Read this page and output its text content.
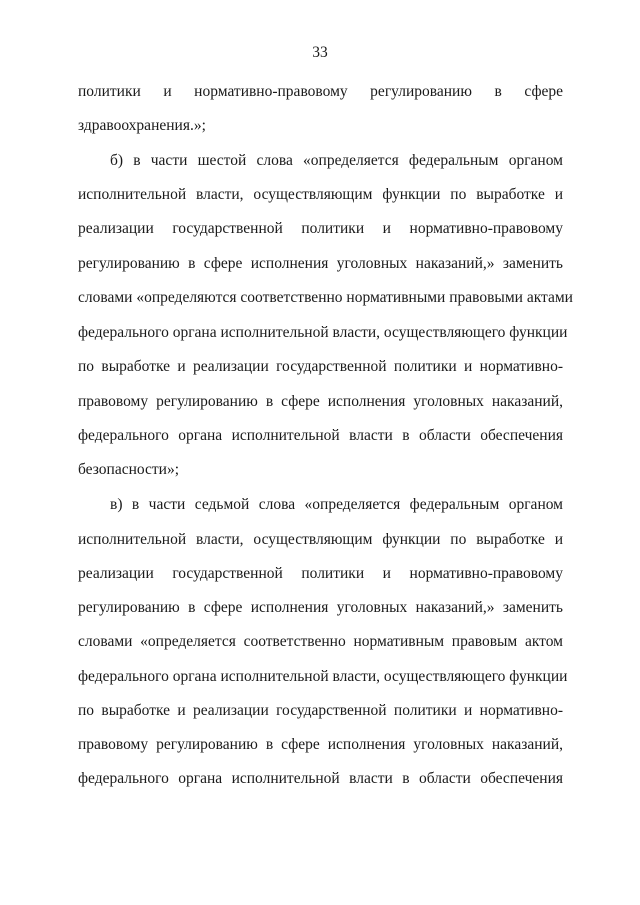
33
политики и нормативно-правовому регулированию в сфере
здравоохранения.»;
б) в части шестой слова «определяется федеральным органом
исполнительной власти, осуществляющим функции по выработке и
реализации государственной политики и нормативно-правовому
регулированию в сфере исполнения уголовных наказаний,» заменить
словами «определяются соответственно нормативными правовыми актами
федерального органа исполнительной власти, осуществляющего функции
по выработке и реализации государственной политики и нормативно-
правовому регулированию в сфере исполнения уголовных наказаний,
федерального органа исполнительной власти в области обеспечения
безопасности»;
в) в части седьмой слова «определяется федеральным органом
исполнительной власти, осуществляющим функции по выработке и
реализации государственной политики и нормативно-правовому
регулированию в сфере исполнения уголовных наказаний,» заменить
словами «определяется соответственно нормативным правовым актом
федерального органа исполнительной власти, осуществляющего функции
по выработке и реализации государственной политики и нормативно-
правовому регулированию в сфере исполнения уголовных наказаний,
федерального органа исполнительной власти в области обеспечения
